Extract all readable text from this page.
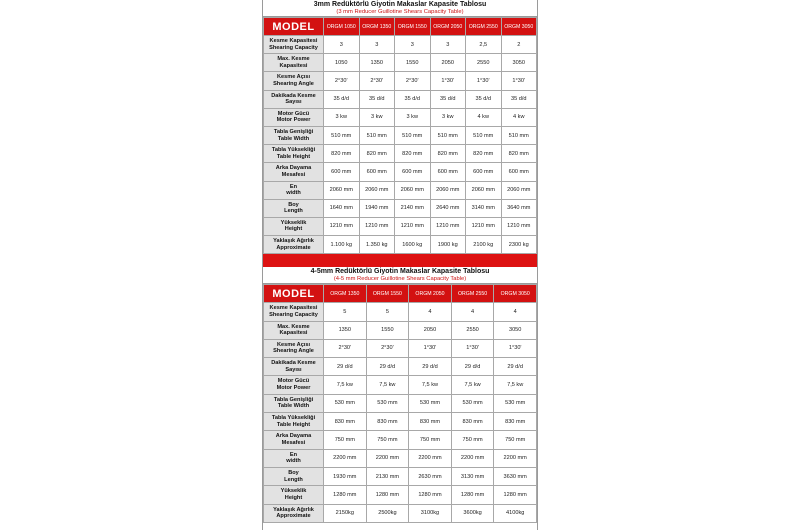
3mm Redüktörlü Giyotin Makaslar Kapasite Tablosu
(3 mm Reducer Guillotine Shears Capacity Table)
MODEL	ORGM 1050	ORGM 1350	ORGM 1550	ORGM 2050	ORGM 2550	ORGM 3050

Kesme Kapasitesi
Shearing Capacity	3	3	3	3	2,5	2

Max. Kesme
Kapasitesi	1050	1350	1550	2050	2550	3050

Kesme Açısı
Shearing Angle	2°30'	2°30'	2°30'	1°30'	1°30'	1°30'

Dakikada Kesme
Sayısı	35 d/d	35 d/d	35 d/d	35 d/d	35 d/d	35 d/d

Motor Gücü
Motor Power	3 kw	3 kw	3 kw	3 kw	4 kw	4 kw

Tabla Genişliği
Table Width	510 mm	510 mm	510 mm	510 mm	510 mm	510 mm

Tabla Yüksekliği
Table Height	820 mm	820 mm	820 mm	820 mm	820 mm	820 mm

Arka Dayama
Mesafesi	600 mm	600 mm	600 mm	600 mm	600 mm	600 mm

En
width	2060 mm	2060 mm	2060 mm	2060 mm	2060 mm	2060 mm

Boy
Length	1640 mm	1940 mm	2140 mm	2640 mm	3140 mm	3640 mm

Yükseklik
Height	1210 mm	1210 mm	1210 mm	1210 mm	1210 mm	1210 mm

Yaklaşık Ağırlık
Approximate	1.100 kg	1.350 kg	1600 kg	1900 kg	2100 kg	2300 kg
4-5mm Redüktörlü Giyotin Makaslar Kapasite Tablosu
(4-5 mm Reducer Guillotine Shears Capacity Table)
MODEL	ORGM 1350	ORGM 1550	ORGM 2050	ORGM 2550	ORGM 3050

Kesme Kapasitesi
Shearing Capacity	5	5	4	4	4

Max. Kesme
Kapasitesi	1350	1550	2050	2550	3050

Kesme Açısı
Shearing Angle	2°30'	2°30'	1°30'	1°30'	1°30'

Dakikada Kesme
Sayısı	29 d/d	29 d/d	29 d/d	29 d/d	29 d/d

Motor Gücü
Motor Power	7,5 kw	7,5 kw	7,5 kw	7,5 kw	7,5 kw

Tabla Genişliği
Table Width	530 mm	530 mm	530 mm	530 mm	530 mm

Tabla Yüksekliği
Table Height	830 mm	830 mm	830 mm	830 mm	830 mm

Arka Dayama
Mesafesi	750 mm	750 mm	750 mm	750 mm	750 mm

En
width	2200 mm	2200 mm	2200 mm	2200 mm	2200 mm

Boy
Length	1930 mm	2130 mm	2630 mm	3130 mm	3630 mm

Yükseklik
Height	1280 mm	1280 mm	1280 mm	1280 mm	1280 mm

Yaklaşık Ağırlık
Approximate	2150kg	2500kg	3100kg	3600kg	4100kg
